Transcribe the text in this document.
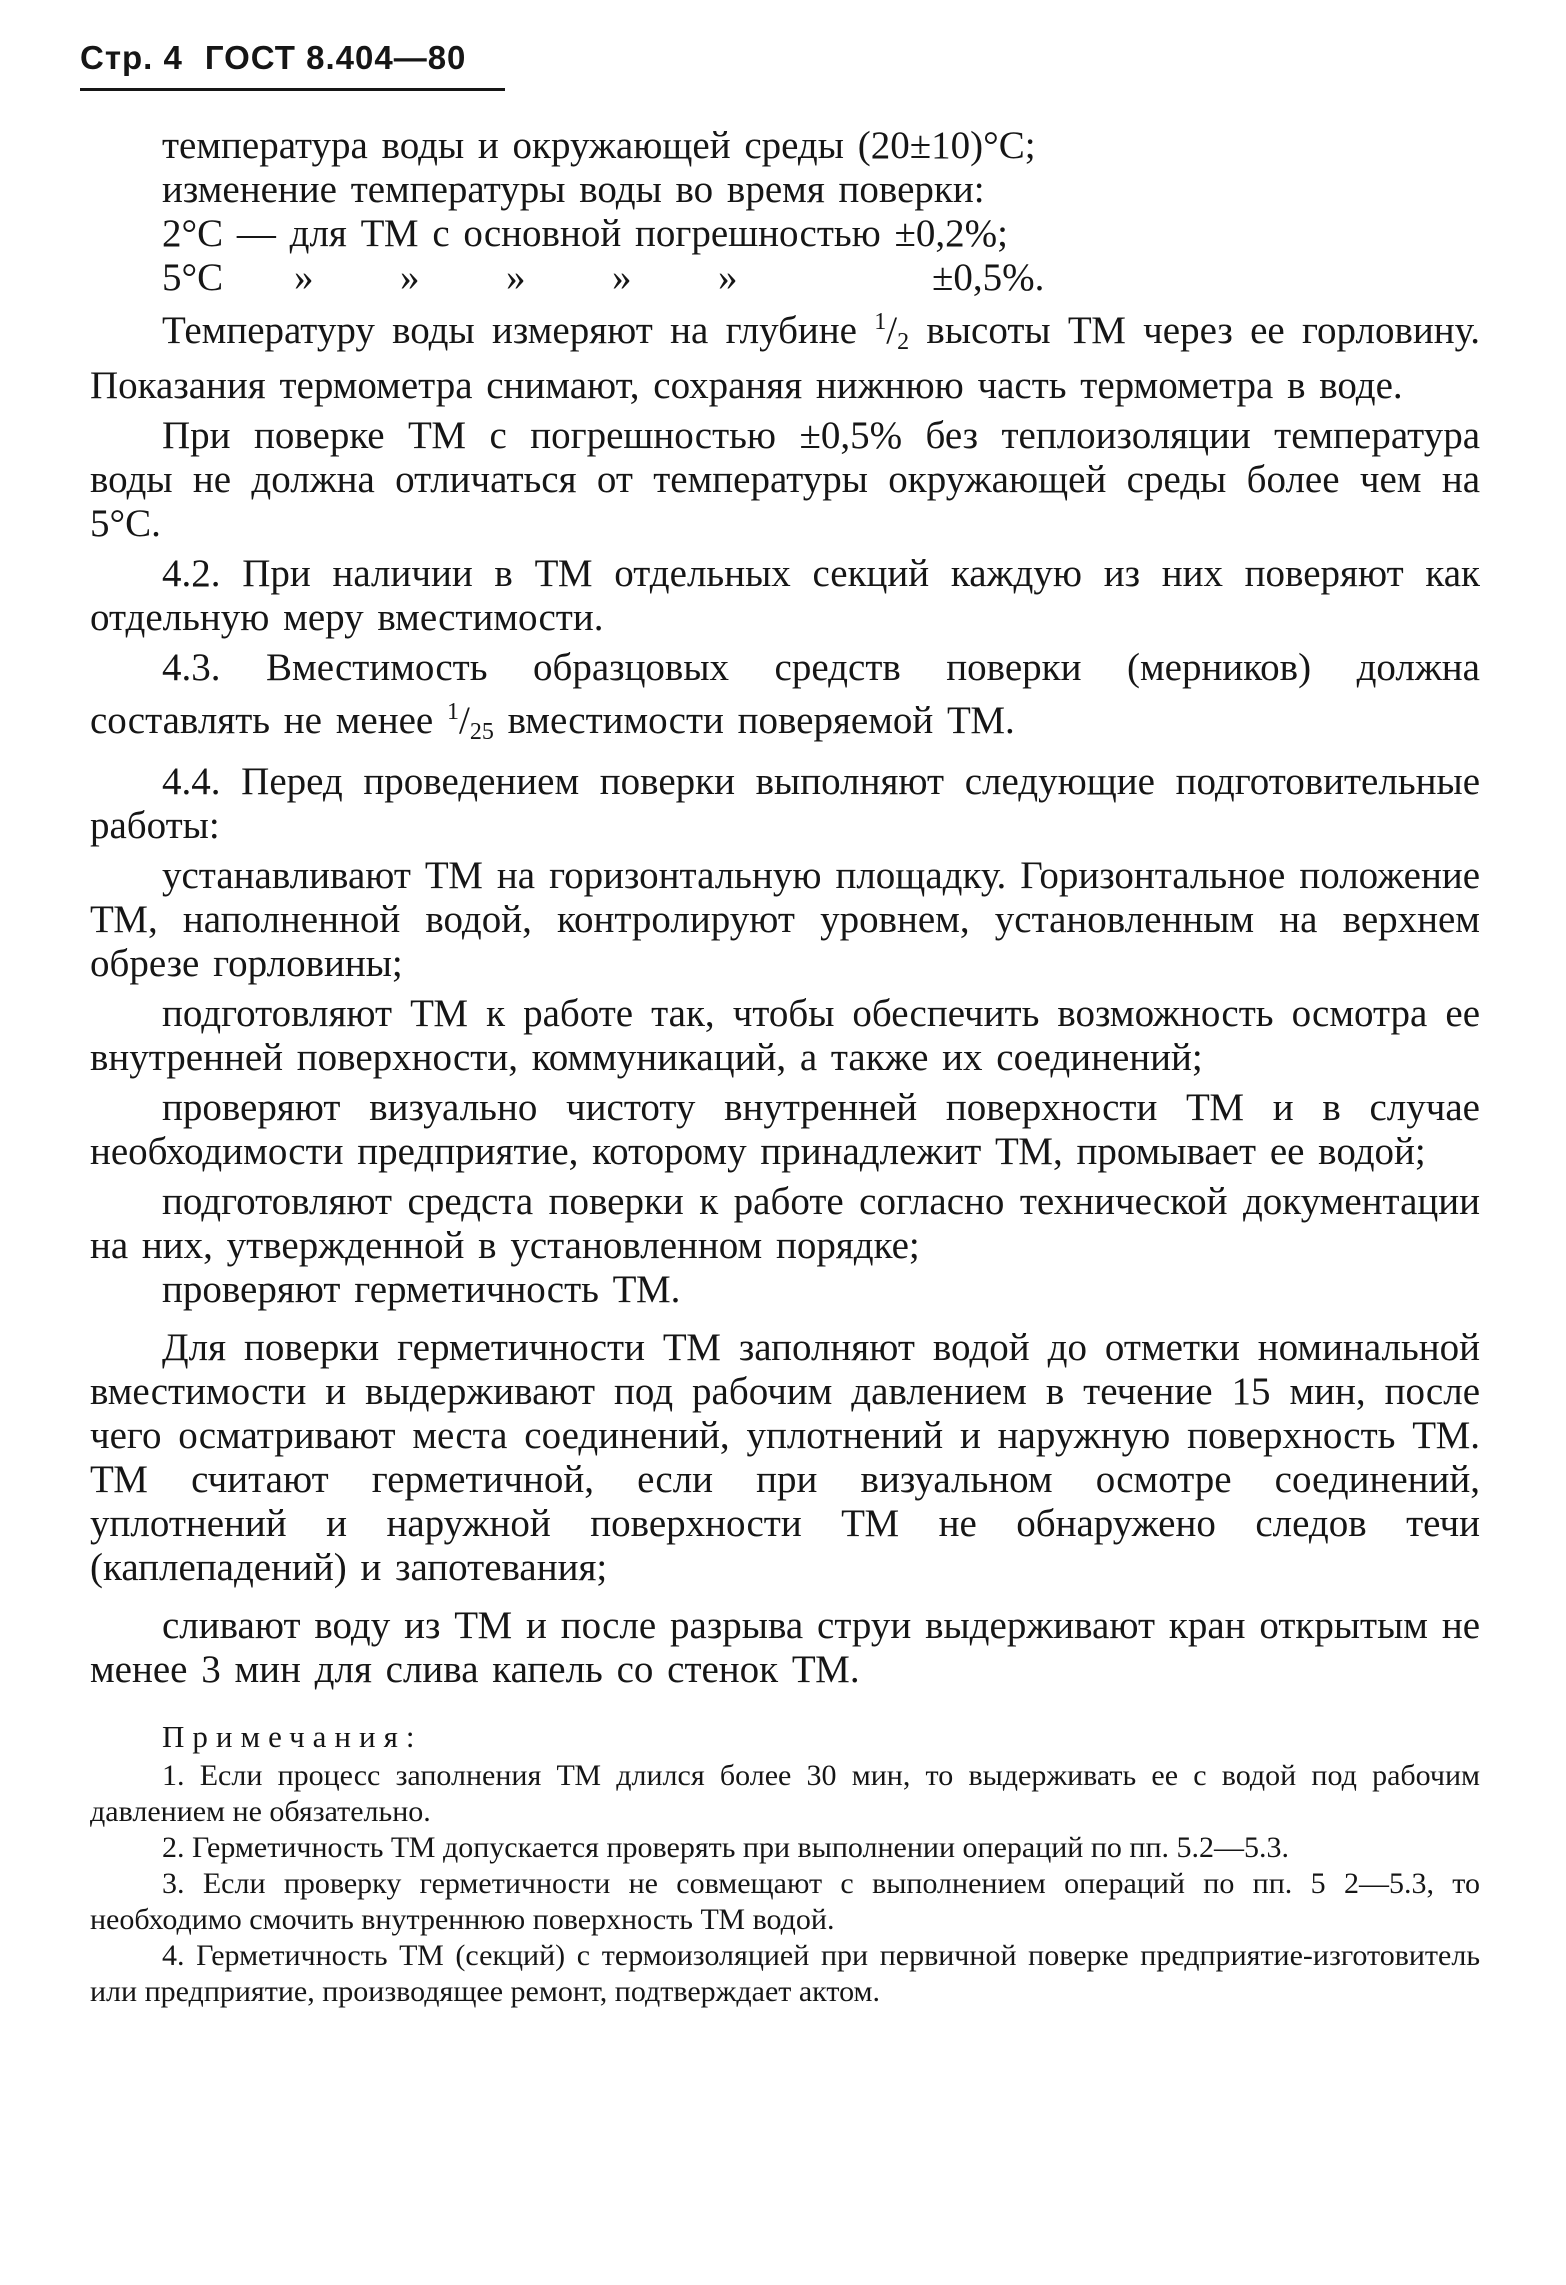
Стр. 4 ГОСТ 8.404—80

температура воды и окружающей среды (20±10)°С;

изменение температуры воды во время поверки:

2°С — для ТМ с основной погрешностью ±0,2%;

5°С	»	»	»	»	»	±0,5%.

Температуру воды измеряют на глубине $^1/_2$ высоты ТМ через ее горловину. Показания термометра снимают, сохраняя нижнюю часть термометра в воде.

При поверке ТМ с погрешностью ±0,5% без теплоизоляции температура воды не должна отличаться от температуры окружающей среды более чем на 5°С.

4.2. При наличии в ТМ отдельных секций каждую из них поверяют как отдельную меру вместимости.

4.3. Вместимость образцовых средств поверки (мерников) должна составлять не менее $^1/_{25}$ вместимости поверяемой ТМ.

4.4. Перед проведением поверки выполняют следующие подготовительные работы:

устанавливают ТМ на горизонтальную площадку. Горизонтальное положение ТМ, наполненной водой, контролируют уровнем, установленным на верхнем обрезе горловины;

подготовляют ТМ к работе так, чтобы обеспечить возможность осмотра ее внутренней поверхности, коммуникаций, а также их соединений;

проверяют визуально чистоту внутренней поверхности ТМ и в случае необходимости предприятие, которому принадлежит ТМ, промывает ее водой;

подготовляют средста поверки к работе согласно технической документации на них, утвержденной в установленном порядке;

проверяют герметичность ТМ.

Для поверки герметичности ТМ заполняют водой до отметки номинальной вместимости и выдерживают под рабочим давлением в течение 15 мин, после чего осматривают места соединений, уплотнений и наружную поверхность ТМ. ТМ считают герметичной, если при визуальном осмотре соединений, уплотнений и наружной поверхности ТМ не обнаружено следов течи (каплепадений) и запотевания;

сливают воду из ТМ и после разрыва струи выдерживают кран открытым не менее 3 мин для слива капель со стенок ТМ.

Примечания:

1. Если процесс заполнения ТМ длился более 30 мин, то выдерживать ее с водой под рабочим давлением не обязательно.

2. Герметичность ТМ допускается проверять при выполнении операций по пп. 5.2—5.3.

3. Если проверку герметичности не совмещают с выполнением операций по пп. 5 2—5.3, то необходимо смочить внутреннюю поверхность ТМ водой.

4. Герметичность ТМ (секций) с термоизоляцией при первичной поверке предприятие-изготовитель или предприятие, производящее ремонт, подтверждает актом.
